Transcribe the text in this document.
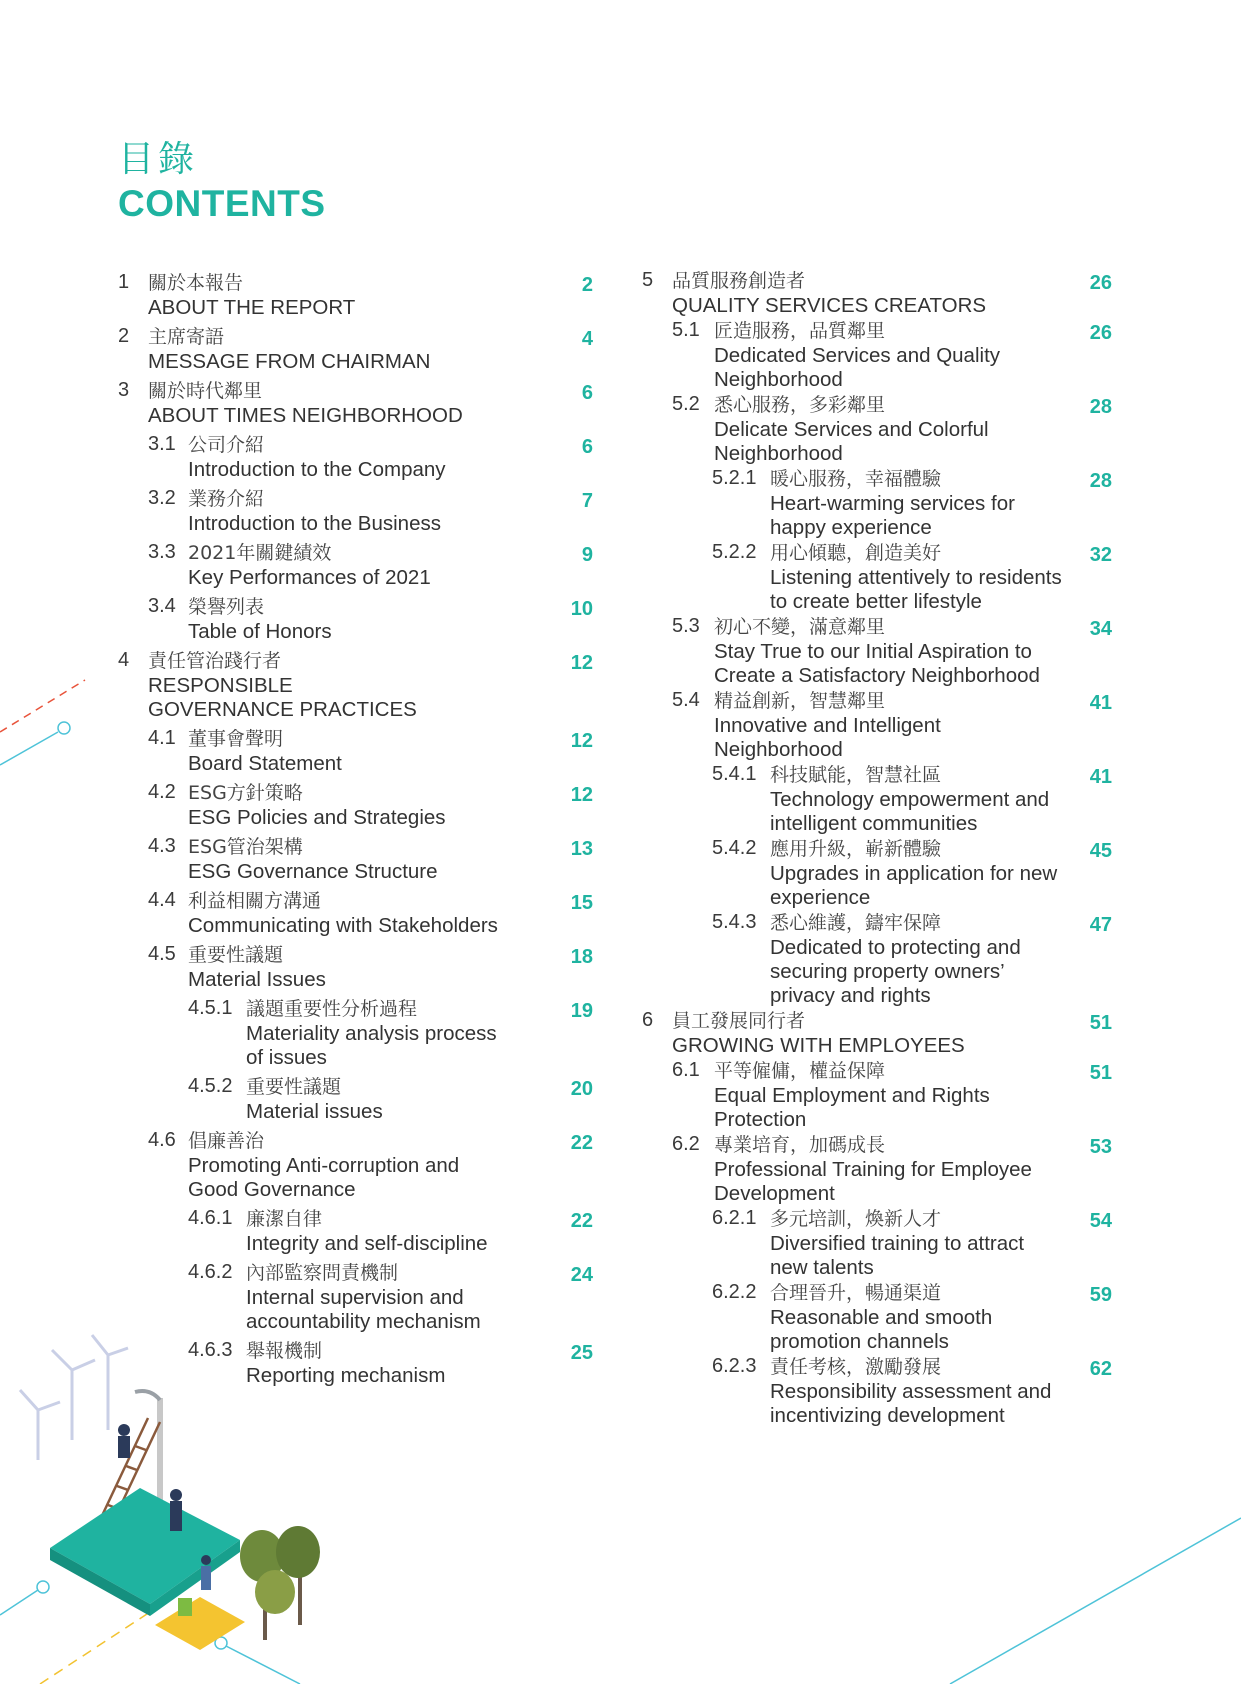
目錄
CONTENTS
1 關於本報告
ABOUT THE REPORT
2
2 主席寄語
MESSAGE FROM CHAIRMAN
4
3 關於時代鄰里
ABOUT TIMES NEIGHBORHOOD
6
3.1 公司介紹
Introduction to the Company
6
3.2 業務介紹
Introduction to the Business
7
3.3 2021年關鍵績效
Key Performances of 2021
9
3.4 榮譽列表
Table of Honors
10
4 責任管治踐行者
RESPONSIBLE
GOVERNANCE PRACTICES
12
4.1 董事會聲明
Board Statement
12
4.2 ESG方針策略
ESG Policies and Strategies
12
4.3 ESG管治架構
ESG Governance Structure
13
4.4 利益相關方溝通
Communicating with Stakeholders
15
4.5 重要性議題
Material Issues
18
4.5.1 議題重要性分析過程
Materiality analysis process
of issues
19
4.5.2 重要性議題
Material issues
20
4.6 倡廉善治
Promoting Anti-corruption and
Good Governance
22
4.6.1 廉潔自律
Integrity and self-discipline
22
4.6.2 內部監察問責機制
Internal supervision and
accountability mechanism
24
4.6.3 舉報機制
Reporting mechanism
25
5 品質服務創造者
QUALITY SERVICES CREATORS
26
5.1 匠造服務，品質鄰里
Dedicated Services and Quality
Neighborhood
26
5.2 悉心服務，多彩鄰里
Delicate Services and Colorful
Neighborhood
28
5.2.1 暖心服務，幸福體驗
Heart-warming services for
happy experience
28
5.2.2 用心傾聽，創造美好
Listening attentively to residents
to create better lifestyle
32
5.3 初心不變，滿意鄰里
Stay True to our Initial Aspiration to
Create a Satisfactory Neighborhood
34
5.4 精益創新，智慧鄰里
Innovative and Intelligent
Neighborhood
41
5.4.1 科技賦能，智慧社區
Technology empowerment and
intelligent communities
41
5.4.2 應用升級，嶄新體驗
Upgrades in application for new
experience
45
5.4.3 悉心維護，鑄牢保障
Dedicated to protecting and
securing property owners’
privacy and rights
47
6 員工發展同行者
GROWING WITH EMPLOYEES
51
6.1 平等僱傭，權益保障
Equal Employment and Rights
Protection
51
6.2 專業培育，加碼成長
Professional Training for Employee
Development
53
6.2.1 多元培訓，煥新人才
Diversified training to attract
new talents
54
6.2.2 合理晉升，暢通渠道
Reasonable and smooth
promotion channels
59
6.2.3 責任考核，激勵發展
Responsibility assessment and
incentivizing development
62
